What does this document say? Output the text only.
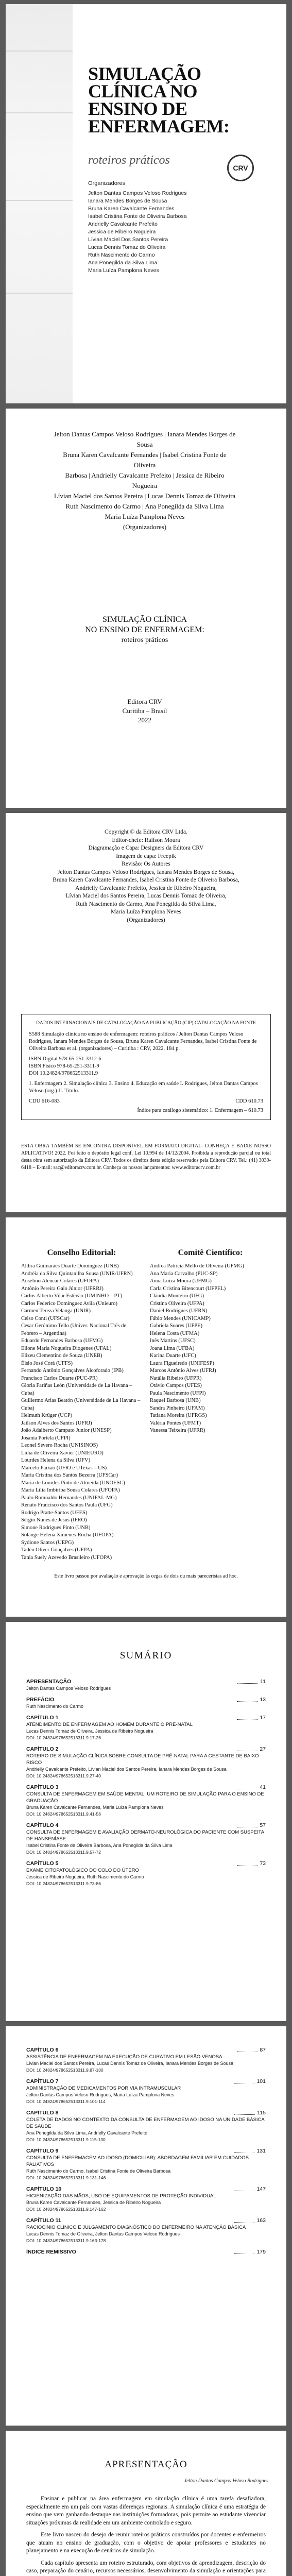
SIMULAÇÃO
CLÍNICA NO
ENSINO DE
ENFERMAGEM:
roteiros práticos
CRV
Organizadores
Jelton Dantas Campos Veloso Rodrigues
Ianara Mendes Borges de Sousa
Bruna Karen Cavalcante Fernandes
Isabel Cristina Fonte de Oliveira Barbosa
Andrielly Cavalcante Prefeito
Jessica de Ribeiro Nogueira
Lívian Maciel Dos Santos Pereira
Lucas Dennis Tomaz de Oliveira
Ruth Nascimento do Carmo
Ana Ponegilda da Silva Lima
Maria Luíza Pamplona Neves
Jelton Dantas Campos Veloso Rodrigues | Ianara Mendes Borges de Sousa
Bruna Karen Cavalcante Fernandes | Isabel Cristina Fonte de Oliveira
Barbosa | Andrielly Cavalcante Prefeito | Jessica de Ribeiro Nogueira
Lívian Maciel dos Santos Pereira | Lucas Dennis Tomaz de Oliveira
Ruth Nascimento do Carmo | Ana Ponegilda da Silva Lima
Maria Luíza Pamplona Neves
(Organizadores)
SIMULAÇÃO CLÍNICA
NO ENSINO DE ENFERMAGEM:
roteiros práticos
Editora CRV
Curitiba – Brasil
2022
Copyright © da Editora CRV Ltda.
Editor-chefe: Railson Moura
Diagramação e Capa: Designers da Editora CRV
Imagem de capa: Freepik
Revisão: Os Autores
Jelton Dantas Campos Veloso Rodrigues, Ianara Mendes Borges de Sousa,
Bruna Karen Cavalcante Fernandes, Isabel Cristina Fonte de Oliveira Barbosa,
Andrielly Cavalcante Prefeito, Jessica de Ribeiro Nogueira,
Lívian Maciel dos Santos Pereira, Lucas Dennis Tomaz de Oliveira,
Ruth Nascimento do Carmo, Ana Ponegilda da Silva Lima,
Maria Luíza Pamplona Neves
(Organizadores)
DADOS INTERNACIONAIS DE CATALOGAÇÃO NA PUBLICAÇÃO (CIP) CATALOGAÇÃO NA FONTE
S588 Simulação clínica no ensino de enfermagem: roteiros práticos / Jelton Dantas Campos Veloso Rodrigues, Ianara Mendes Borges de Sousa, Bruna Karen Cavalcante Fernandes, Isabel Cristina Fonte de Oliveira Barbosa et al. (organizadores) – Curitiba : CRV, 2022. 184 p.
ISBN Digital 978-65-251-3312-6
ISBN Físico 978-65-251-3311-9
DOI 10.24824/978652513311.9
1. Enfermagem 2. Simulação clínica 3. Ensino 4. Educação em saúde I. Rodrigues, Jelton Dantas Campos Veloso (org.) II. Título.
CDU 616-083	CDD 610.73
Índice para catálogo sistemático: 1. Enfermagem – 610.73
ESTA OBRA TAMBÉM SE ENCONTRA DISPONÍVEL EM FORMATO DIGITAL. CONHEÇA E BAIXE NOSSO APLICATIVO! 2022. Foi feito o depósito legal conf. Lei 10.994 de 14/12/2004. Proibida a reprodução parcial ou total desta obra sem autorização da Editora CRV. Todos os direitos desta edição reservados pela Editora CRV. Tel.: (41) 3039-6418 – E-mail: sac@editoracrv.com.br. Conheça os nossos lançamentos: www.editoracrv.com.br
Conselho Editorial:
Aldira Guimarães Duarte Domínguez (UNB)
Andréia da Silva Quintanilha Sousa (UNIR/UFRN)
Anselmo Alencar Colares (UFOPA)
Antônio Pereira Gaio Júnior (UFRRJ)
Carlos Alberto Vilar Estêvão (UMINHO – PT)
Carlos Federico Domínguez Avila (Unieuro)
Carmen Tereza Velanga (UNIR)
Celso Conti (UFSCar)
Cesar Gerónimo Tello (Univer. Nacional Três de Febrero – Argentina)
Eduardo Fernandes Barbosa (UFMG)
Elione Maria Nogueira Diogenes (UFAL)
Elizeu Clementino de Souza (UNEB)
Élsio José Corá (UFFS)
Fernando Antônio Gonçalves Alcoforado (IPB)
Francisco Carlos Duarte (PUC-PR)
Gloria Fariñas León (Universidade de La Havana – Cuba)
Guillermo Arias Beatón (Universidade de La Havana – Cuba)
Helmuth Krüger (UCP)
Jailson Alves dos Santos (UFRJ)
João Adalberto Campato Junior (UNESP)
Josania Portela (UFPI)
Leonel Severo Rocha (UNISINOS)
Lídia de Oliveira Xavier (UNIEURO)
Lourdes Helena da Silva (UFV)
Marcelo Paixão (UFRJ e UTexas – US)
Maria Cristina dos Santos Bezerra (UFSCar)
Maria de Lourdes Pinto de Almeida (UNOESC)
Maria Lília Imbiriba Sousa Colares (UFOPA)
Paulo Romualdo Hernandes (UNIFAL-MG)
Renato Francisco dos Santos Paula (UFG)
Rodrigo Pratte-Santos (UFES)
Sérgio Nunes de Jesus (IFRO)
Simone Rodrigues Pinto (UNB)
Solange Helena Ximenes-Rocha (UFOPA)
Sydione Santos (UEPG)
Tadeu Oliver Gonçalves (UFPA)
Tania Suely Azevedo Brasileiro (UFOPA)
Comitê Científico:
Andrea Patricia Mello de Oliveira (UFMG)
Ana Maria Carvalho (PUC-SP)
Anna Luiza Moura (UFMG)
Carla Cristina Bitencourt (UFPEL)
Cláudia Monteiro (UFG)
Cristina Oliveira (UFPA)
Daniel Rodrigues (UFRN)
Fábio Mendes (UNICAMP)
Gabriela Soares (UFPE)
Helena Costa (UFMA)
Inês Martins (UFSC)
Joana Lima (UFBA)
Karina Duarte (UFC)
Laura Figueiredo (UNIFESP)
Marcos Antônio Alves (UFRJ)
Natália Ribeiro (UFPR)
Otávio Campos (UFES)
Paula Nascimento (UFPI)
Raquel Barbosa (UNB)
Sandra Pinheiro (UFAM)
Tatiana Moreira (UFRGS)
Valéria Pontes (UFMT)
Vanessa Teixeira (UFRR)
Este livro passou por avaliação e aprovação às cegas de dois ou mais pareceristas ad hoc.
SUMÁRIO
APRESENTAÇÃO	11
Jelton Dantas Campos Veloso Rodrigues
PREFÁCIO	13
Ruth Nascimento do Carmo
CAPÍTULO 1	17
ATENDIMENTO DE ENFERMAGEM AO HOMEM DURANTE O PRÉ-NATAL
Lucas Dennis Tomaz de Oliveira, Jessica de Ribeiro Nogueira
DOI: 10.24824/978652513311.9.17-26
CAPÍTULO 2	27
ROTEIRO DE SIMULAÇÃO CLÍNICA SOBRE CONSULTA DE PRÉ-NATAL PARA A GESTANTE DE BAIXO RISCO
Andrielly Cavalcante Prefeito, Lívian Maciel dos Santos Pereira, Ianara Mendes Borges de Sousa
DOI: 10.24824/978652513311.9.27-40
CAPÍTULO 3	41
CONSULTA DE ENFERMAGEM EM SAÚDE MENTAL: UM ROTEIRO DE SIMULAÇÃO PARA O ENSINO DE GRADUAÇÃO
Bruna Karen Cavalcante Fernandes, Maria Luíza Pamplona Neves
DOI: 10.24824/978652513311.9.41-56
CAPÍTULO 4	57
CONSULTA DE ENFERMAGEM E AVALIAÇÃO DERMATO-NEUROLÓGICA DO PACIENTE COM SUSPEITA DE HANSENÍASE
Isabel Cristina Fonte de Oliveira Barbosa, Ana Ponegilda da Silva Lima
DOI: 10.24824/978652513311.9.57-72
CAPÍTULO 5	73
EXAME CITOPATOLÓGICO DO COLO DO ÚTERO
Jessica de Ribeiro Nogueira, Ruth Nascimento do Carmo
DOI: 10.24824/978652513311.9.73-86
CAPÍTULO 6	87
ASSISTÊNCIA DE ENFERMAGEM NA EXECUÇÃO DE CURATIVO EM LESÃO VENOSA
Lívian Maciel dos Santos Pereira, Lucas Dennis Tomaz de Oliveira, Ianara Mendes Borges de Sousa
DOI: 10.24824/978652513311.9.87-100
CAPÍTULO 7	101
ADMINISTRAÇÃO DE MEDICAMENTOS POR VIA INTRAMUSCULAR
Jelton Dantas Campos Veloso Rodrigues, Maria Luíza Pamplona Neves
DOI: 10.24824/978652513311.9.101-114
CAPÍTULO 8	115
COLETA DE DADOS NO CONTEXTO DA CONSULTA DE ENFERMAGEM AO IDOSO NA UNIDADE BÁSICA DE SAÚDE
Ana Ponegilda da Silva Lima, Andrielly Cavalcante Prefeito
DOI: 10.24824/978652513311.9.115-130
CAPÍTULO 9	131
CONSULTA DE ENFERMAGEM AO IDOSO (DOMICILIAR): ABORDAGEM FAMILIAR EM CUIDADOS PALIATIVOS
Ruth Nascimento do Carmo, Isabel Cristina Fonte de Oliveira Barbosa
DOI: 10.24824/978652513311.9.131-146
CAPÍTULO 10	147
HIGIENIZAÇÃO DAS MÃOS, USO DE EQUIPAMENTOS DE PROTEÇÃO INDIVIDUAL
Bruna Karen Cavalcante Fernandes, Jessica de Ribeiro Nogueira
DOI: 10.24824/978652513311.9.147-162
CAPÍTULO 11	163
RACIOCÍNIO CLÍNICO E JULGAMENTO DIAGNÓSTICO DO ENFERMEIRO NA ATENÇÃO BÁSICA
Lucas Dennis Tomaz de Oliveira, Jelton Dantas Campos Veloso Rodrigues
DOI: 10.24824/978652513311.9.163-178
ÍNDICE REMISSIVO	179
APRESENTAÇÃO
Jelton Dantas Campos Veloso Rodrigues

Ensinar e publicar na área enfermagem em simulação clínica é uma tarefa desafiadora, especialmente em um país com vastas diferenças regionais. A simulação clínica é uma estratégia de ensino que vem ganhando destaque nas instituições formadoras, pois permite ao estudante vivenciar situações próximas da realidade em um ambiente controlado e seguro.

Este livro nasceu do desejo de reunir roteiros práticos construídos por docentes e enfermeiros que atuam no ensino de graduação, com o objetivo de apoiar professores e estudantes no planejamento e na execução de cenários de simulação.

Cada capítulo apresenta um roteiro estruturado, com objetivos de aprendizagem, descrição do caso, preparação do cenário, recursos necessários, desenvolvimento da simulação e orientações para
